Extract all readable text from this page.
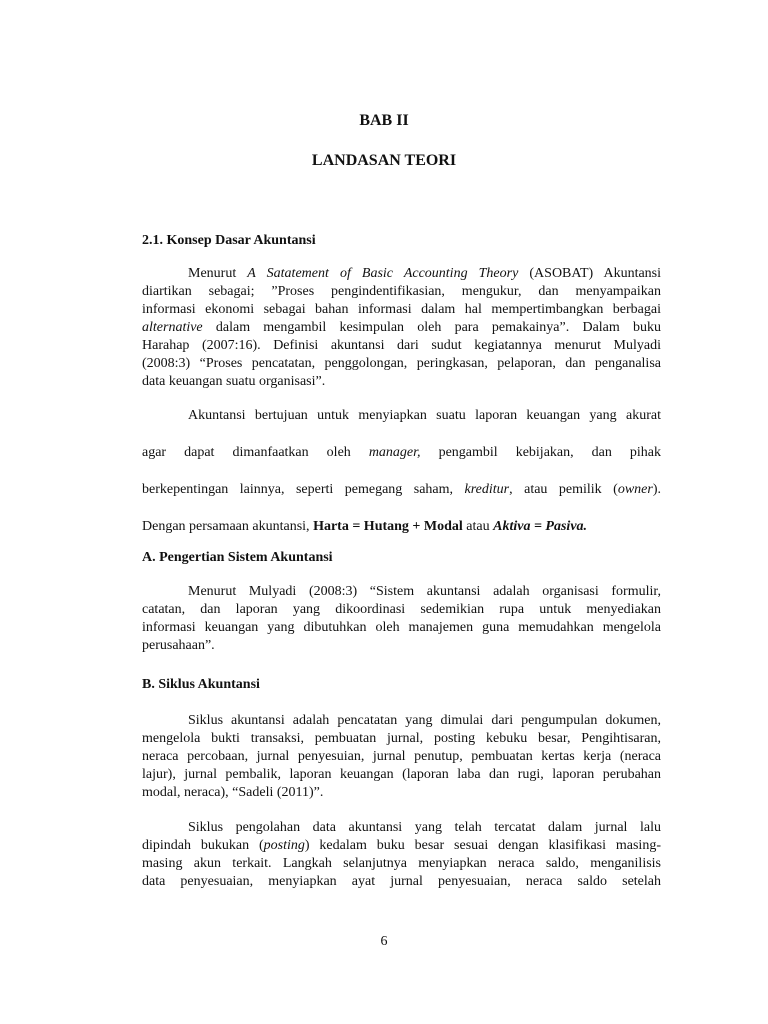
BAB II
LANDASAN TEORI
2.1. Konsep Dasar Akuntansi
Menurut A Satatement of Basic Accounting Theory (ASOBAT) Akuntansi
diartikan sebagai; ”Proses pengindentifikasian, mengukur, dan menyampaikan
informasi ekonomi sebagai bahan informasi dalam hal mempertimbangkan berbagai
alternative dalam mengambil kesimpulan oleh para pemakainya”. Dalam buku
Harahap (2007:16). Definisi akuntansi dari sudut kegiatannya menurut Mulyadi
(2008:3) “Proses pencatatan, penggolongan, peringkasan, pelaporan, dan penganalisa
data keuangan suatu organisasi”.
Akuntansi bertujuan untuk menyiapkan suatu laporan keuangan yang akurat
agar dapat dimanfaatkan oleh manager, pengambil kebijakan, dan pihak
berkepentingan lainnya, seperti pemegang saham, kreditur, atau pemilik (owner).
Dengan persamaan akuntansi, Harta = Hutang + Modal atau Aktiva = Pasiva.
A. Pengertian Sistem Akuntansi
Menurut Mulyadi (2008:3) “Sistem akuntansi adalah organisasi formulir,
catatan, dan laporan yang dikoordinasi sedemikian rupa untuk menyediakan
informasi keuangan yang dibutuhkan oleh manajemen guna memudahkan mengelola
perusahaan”.
B. Siklus Akuntansi
Siklus akuntansi adalah pencatatan yang dimulai dari pengumpulan dokumen,
mengelola bukti transaksi, pembuatan jurnal, posting kebuku besar, Pengihtisaran,
neraca percobaan, jurnal penyesuian, jurnal penutup, pembuatan kertas kerja (neraca
lajur), jurnal pembalik, laporan keuangan (laporan laba dan rugi, laporan perubahan
modal, neraca), “Sadeli (2011)”.
Siklus pengolahan data akuntansi yang telah tercatat dalam jurnal lalu
dipindah bukukan (posting) kedalam buku besar sesuai dengan klasifikasi masing-
masing akun terkait. Langkah selanjutnya menyiapkan neraca saldo, menganilisis
data penyesuaian, menyiapkan ayat jurnal penyesuaian, neraca saldo setelah
6
